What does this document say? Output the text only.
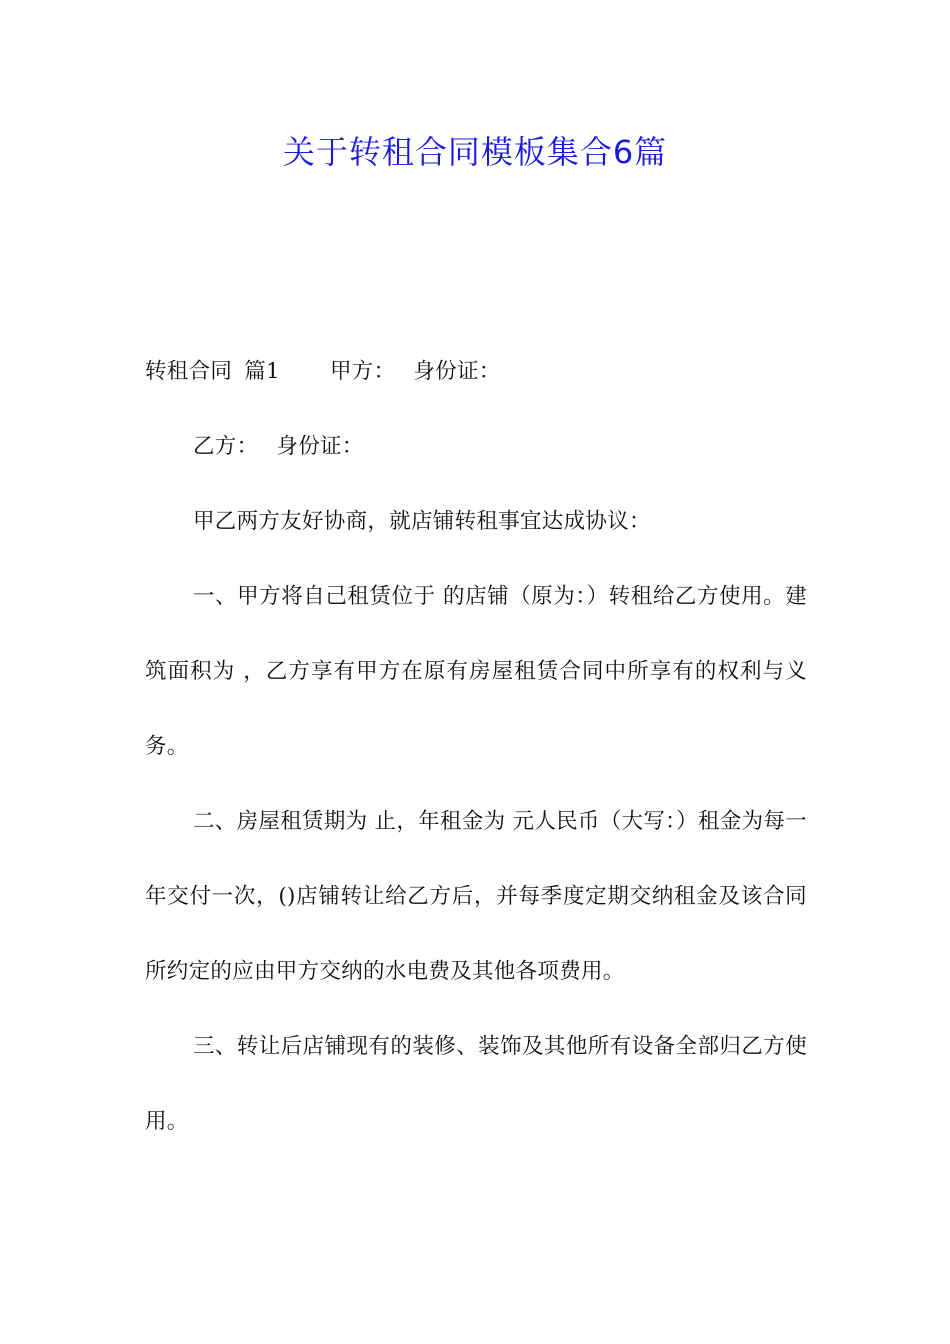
关于转租合同模板集合6篇

转租合同 篇1 甲方： 身份证：

乙方： 身份证：

甲乙两方友好协商，就店铺转租事宜达成协议：

一、甲方将自己租赁位于 的店铺（原为：）转租给乙方使用。建筑面积为 ，乙方享有甲方在原有房屋租赁合同中所享有的权利与义务。

二、房屋租赁期为 止，年租金为 元人民币（大写：）租金为每一年交付一次，()店铺转让给乙方后，并每季度定期交纳租金及该合同所约定的应由甲方交纳的水电费及其他各项费用。

三、转让后店铺现有的装修、装饰及其他所有设备全部归乙方使用。
